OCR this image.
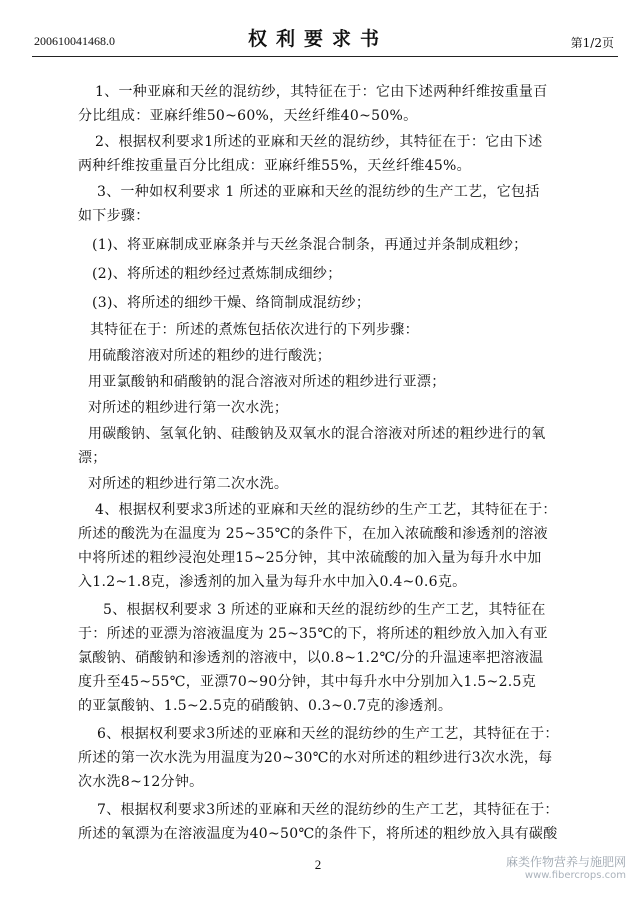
200610041468.0	权利要求书	第1/2页
1、一种亚麻和天丝的混纺纱，其特征在于：它由下述两种纤维按重量百
分比组成：亚麻纤维50~60%，天丝纤维40~50%。
2、根据权利要求1所述的亚麻和天丝的混纺纱，其特征在于：它由下述
两种纤维按重量百分比组成：亚麻纤维55%，天丝纤维45%。
3、一种如权利要求 1 所述的亚麻和天丝的混纺纱的生产工艺，它包括
如下步骤：
(1)、将亚麻制成亚麻条并与天丝条混合制条，再通过并条制成粗纱；
(2)、将所述的粗纱经过煮炼制成细纱；
(3)、将所述的细纱干燥、络筒制成混纺纱；
其特征在于：所述的煮炼包括依次进行的下列步骤：
用硫酸溶液对所述的粗纱的进行酸洗；
用亚氯酸钠和硝酸钠的混合溶液对所述的粗纱进行亚漂；
对所述的粗纱进行第一次水洗；
用碳酸钠、氢氧化钠、硅酸钠及双氧水的混合溶液对所述的粗纱进行的氧
漂；
对所述的粗纱进行第二次水洗。
4、根据权利要求3所述的亚麻和天丝的混纺纱的生产工艺，其特征在于：
所述的酸洗为在温度为 25~35℃的条件下，在加入浓硫酸和渗透剂的溶液
中将所述的粗纱浸泡处理15~25分钟，其中浓硫酸的加入量为每升水中加
入1.2~1.8克，渗透剂的加入量为每升水中加入0.4~0.6克。
5、根据权利要求 3 所述的亚麻和天丝的混纺纱的生产工艺，其特征在
于：所述的亚漂为溶液温度为 25~35℃的下，将所述的粗纱放入加入有亚
氯酸钠、硝酸钠和渗透剂的溶液中，以0.8~1.2℃/分的升温速率把溶液温
度升至45~55℃，亚漂70~90分钟，其中每升水中分别加入1.5~2.5克
的亚氯酸钠、1.5~2.5克的硝酸钠、0.3~0.7克的渗透剂。
6、根据权利要求3所述的亚麻和天丝的混纺纱的生产工艺，其特征在于：
所述的第一次水洗为用温度为20~30℃的水对所述的粗纱进行3次水洗，每
次水洗8~12分钟。
7、根据权利要求3所述的亚麻和天丝的混纺纱的生产工艺，其特征在于：
所述的氧漂为在溶液温度为40~50℃的条件下，将所述的粗纱放入具有碳酸
2	麻类作物营养与施肥网
www.fibercrops.com
